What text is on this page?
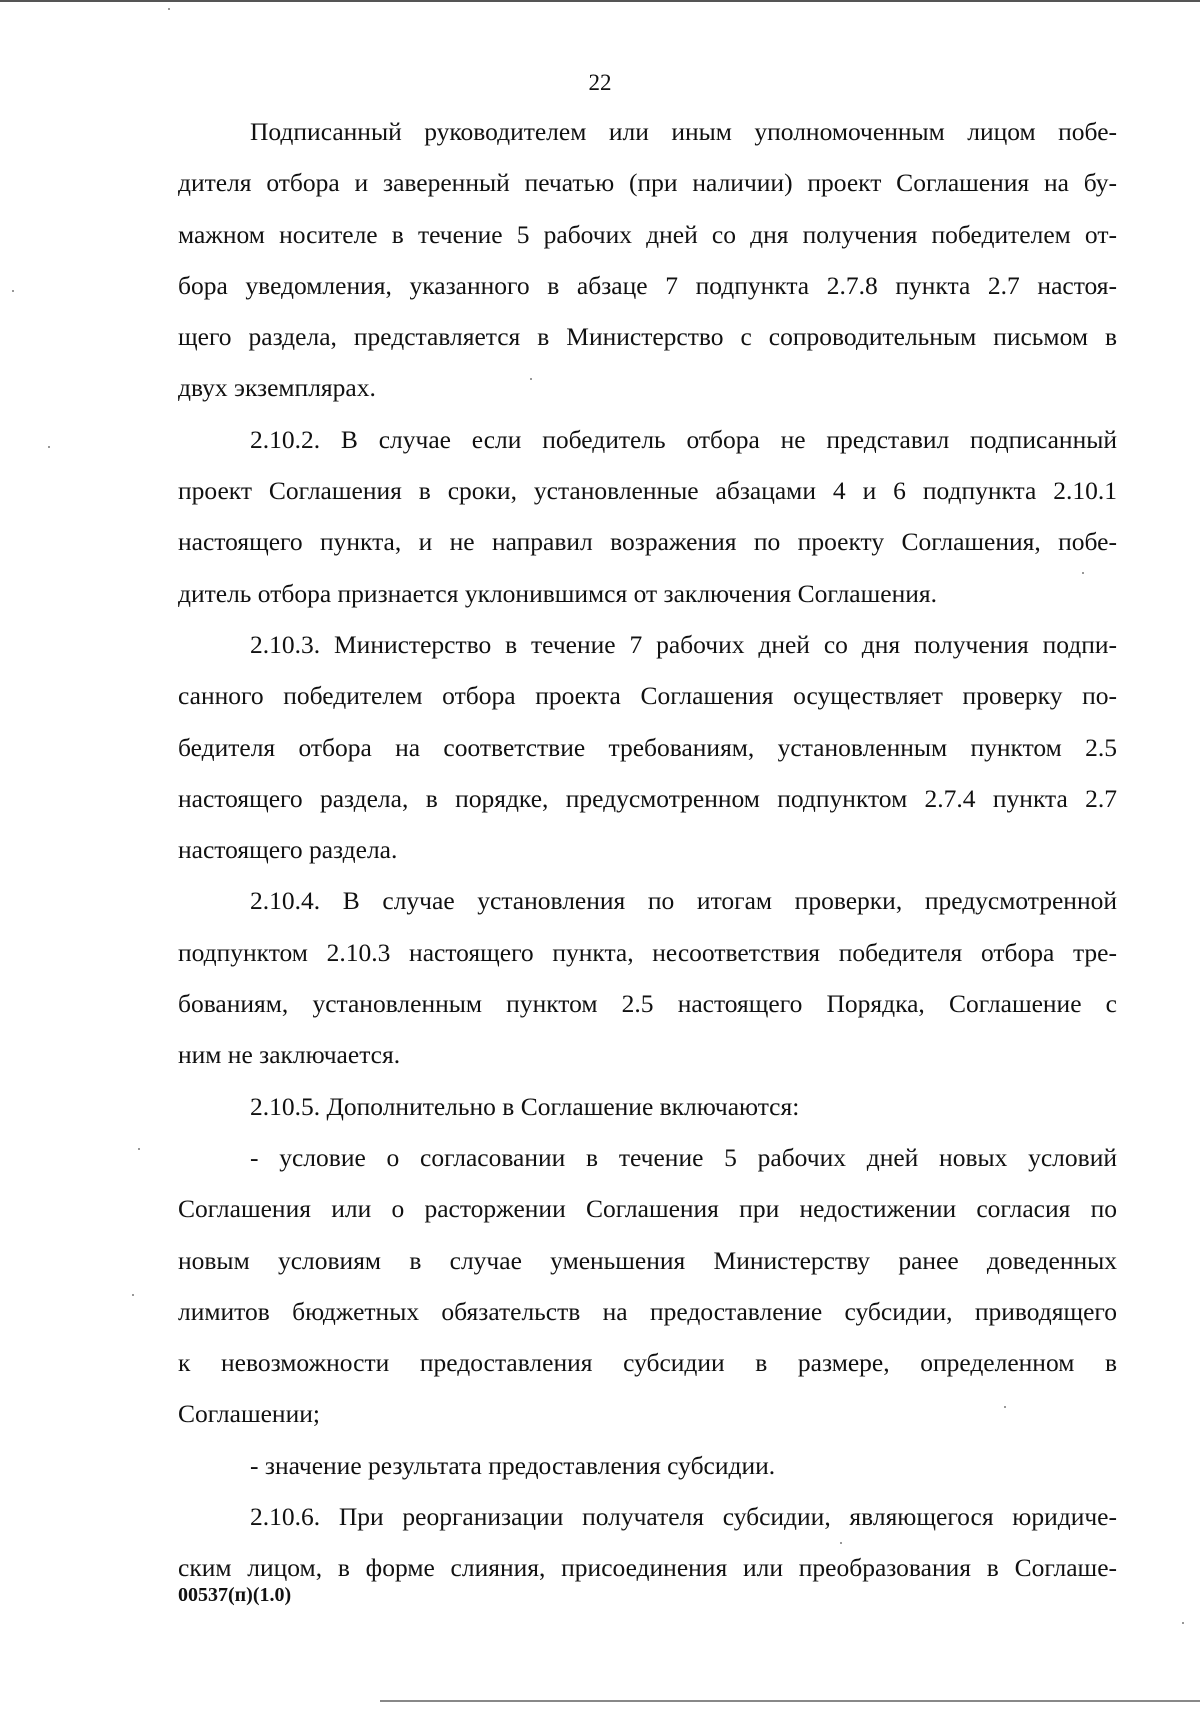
22
Подписанный руководителем или иным уполномоченным лицом побе-
дителя отбора и заверенный печатью (при наличии) проект Соглашения на бу-
мажном носителе в течение 5 рабочих дней со дня получения победителем от-
бора уведомления, указанного в абзаце 7 подпункта 2.7.8 пункта 2.7 настоя-
щего раздела, представляется в Министерство с сопроводительным письмом в
двух экземплярах.
2.10.2. В случае если победитель отбора не представил подписанный
проект Соглашения в сроки, установленные абзацами 4 и 6 подпункта 2.10.1
настоящего пункта, и не направил возражения по проекту Соглашения, побе-
дитель отбора признается уклонившимся от заключения Соглашения.
2.10.3. Министерство в течение 7 рабочих дней со дня получения подпи-
санного победителем отбора проекта Соглашения осуществляет проверку по-
бедителя отбора на соответствие требованиям, установленным пунктом 2.5
настоящего раздела, в порядке, предусмотренном подпунктом 2.7.4 пункта 2.7
настоящего раздела.
2.10.4. В случае установления по итогам проверки, предусмотренной
подпунктом 2.10.3 настоящего пункта, несоответствия победителя отбора тре-
бованиям, установленным пунктом 2.5 настоящего Порядка, Соглашение с
ним не заключается.
2.10.5. Дополнительно в Соглашение включаются:
- условие о согласовании в течение 5 рабочих дней новых условий
Соглашения или о расторжении Соглашения при недостижении согласия по
новым условиям в случае уменьшения Министерству ранее доведенных
лимитов бюджетных обязательств на предоставление субсидии, приводящего
к невозможности предоставления субсидии в размере, определенном в
Соглашении;
- значение результата предоставления субсидии.
2.10.6. При реорганизации получателя субсидии, являющегося юридиче-
ским лицом, в форме слияния, присоединения или преобразования в Соглаше-
00537(п)(1.0)
